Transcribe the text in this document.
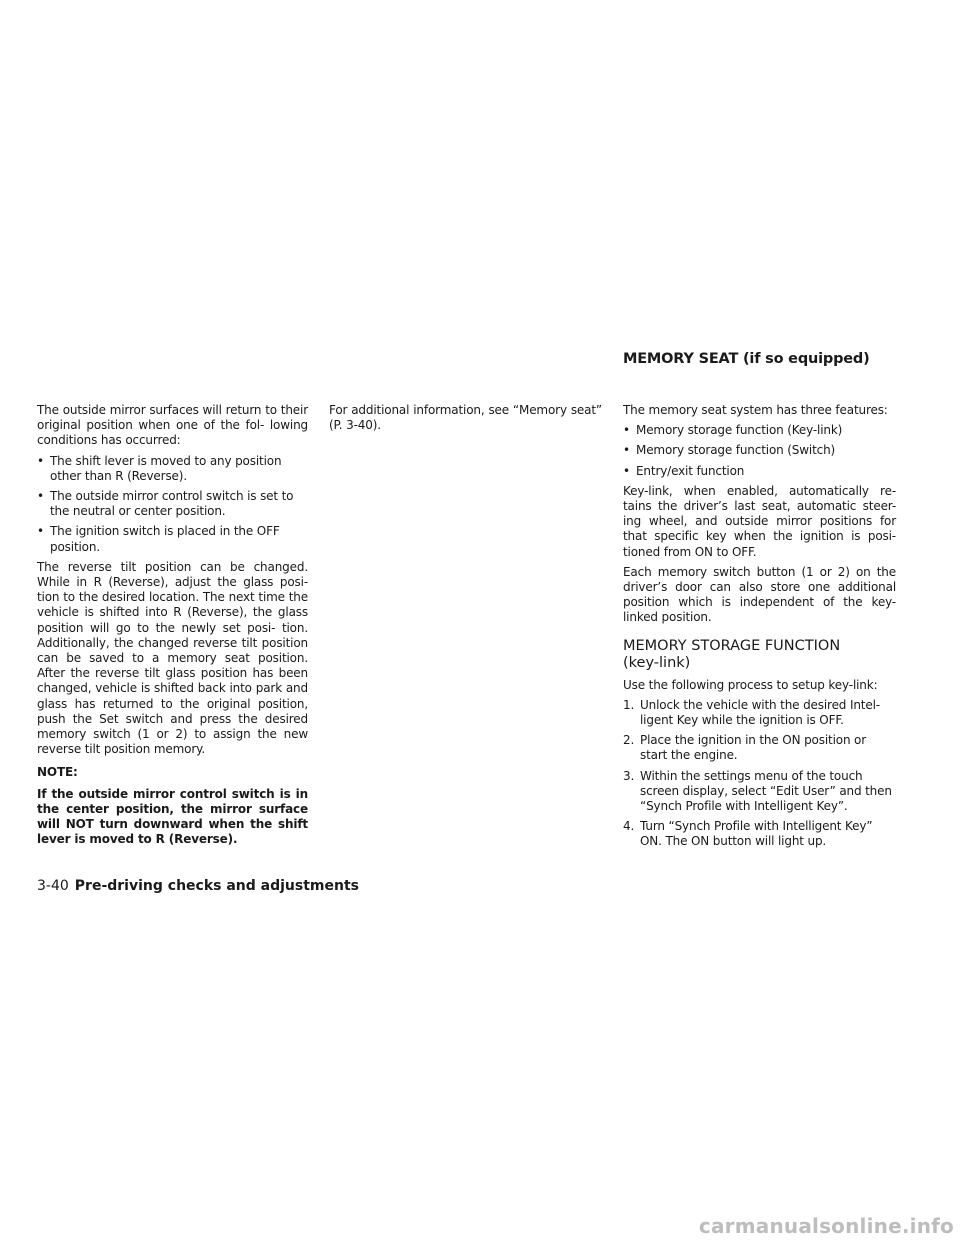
MEMORY SEAT (if so equipped)

The outside mirror surfaces will return to their original position when one of the fol- lowing conditions has occurred:

• The shift lever is moved to any position other than R (Reverse).
• The outside mirror control switch is set to the neutral or center position.
• The ignition switch is placed in the OFF position.

The reverse tilt position can be changed. While in R (Reverse), adjust the glass posi- tion to the desired location. The next time the vehicle is shifted into R (Reverse), the glass position will go to the newly set posi- tion. Additionally, the changed reverse tilt position can be saved to a memory seat position. After the reverse tilt glass position has been changed, vehicle is shifted back into park and glass has returned to the original position, push the Set switch and press the desired memory switch (1 or 2) to assign the new reverse tilt position memory.

NOTE:

If the outside mirror control switch is in the center position, the mirror surface will NOT turn downward when the shift lever is moved to R (Reverse).

For additional information, see “Memory seat” (P. 3-40).

The memory seat system has three features:

• Memory storage function (Key-link)
• Memory storage function (Switch)
• Entry/exit function

Key-link, when enabled, automatically re- tains the driver’s last seat, automatic steer- ing wheel, and outside mirror positions for that specific key when the ignition is posi- tioned from ON to OFF.

Each memory switch button (1 or 2) on the driver’s door can also store one additional position which is independent of the key- linked position.

MEMORY STORAGE FUNCTION
(key-link)

Use the following process to setup key-link:

1. Unlock the vehicle with the desired Intel- ligent Key while the ignition is OFF.
2. Place the ignition in the ON position or start the engine.
3. Within the settings menu of the touch screen display, select “Edit User” and then “Synch Profile with Intelligent Key”.
4. Turn “Synch Profile with Intelligent Key” ON. The ON button will light up.
3-40 Pre-driving checks and adjustments
carmanualsonline.info
